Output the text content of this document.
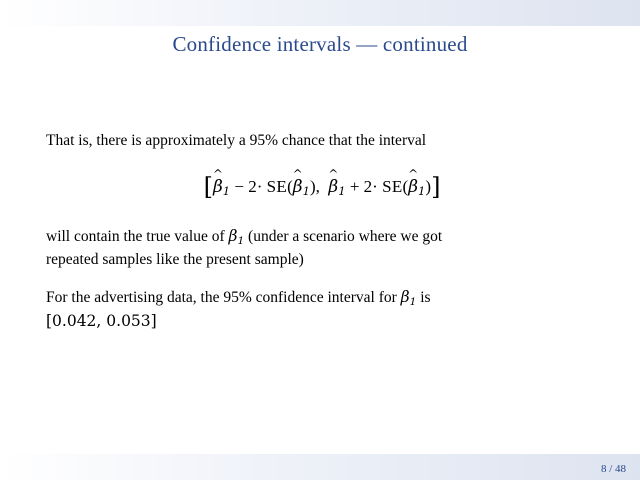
Confidence intervals — continued

That is, there is approximately a 95% chance that the interval

[ ^
$\beta_1 - 2\cdot SE$(
^
$\beta_1$),
^
$\beta_1 + 2\cdot SE$(
^
$\beta_1$)]

will contain the true value of $\beta_1$ (under a scenario where we got
repeated samples like the present sample)

For the advertising data, the 95% confidence interval for $\beta_1$ is
[0.042, 0.053]

8 / 48
